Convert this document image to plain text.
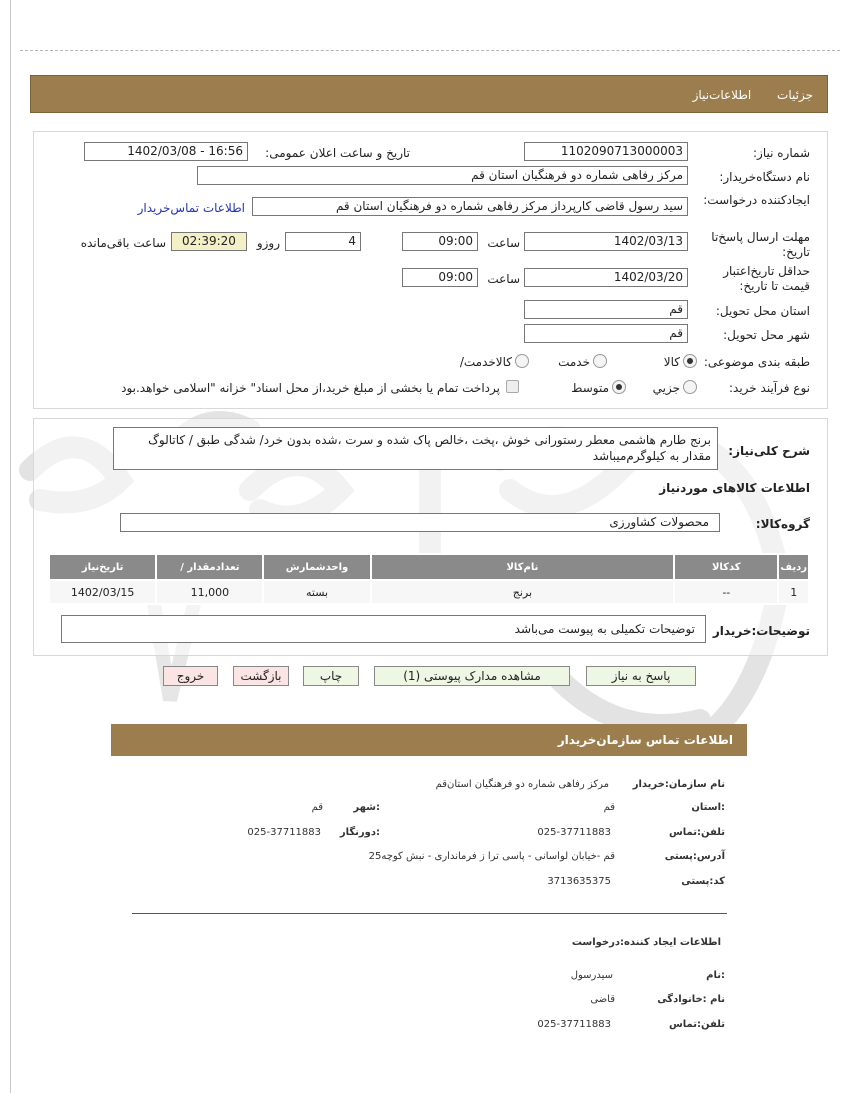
جزئیات اطلاعات‌نیاز
شماره نیاز:
1102090713000003
تاریخ و ساعت اعلان عمومی:
1402/03/08 - 16:56
نام دستگاه‌خریدار:
مرکز رفاهی شماره دو فرهنگیان استان قم
ایجادکننده درخواست:
سید رسول قاضی کارپرداز مرکز رفاهی شماره دو فرهنگیان استان قم
اطلاعات تماس‌خریدار
مهلت ارسال پاسخ‌تا تاریخ:
1402/03/13
ساعت
09:00
4
روزو
02:39:20
ساعت باقی‌مانده
حداقل تاریخ‌اعتبار قیمت تا تاریخ:
1402/03/20
ساعت
09:00
استان محل تحویل:
قم
شهر محل تحویل:
قم
طبقه بندی موضوعی:
کالا
خدمت
کالاخدمت/
نوع فرآیند خرید:
جزیي
متوسط
پرداخت تمام یا بخشی از مبلغ خرید،از محل اسناد" خزانه "اسلامی خواهد.بود
شرح کلی‌نیاز:
برنج طارم هاشمی معطر رستورانی خوش ،پخت ،خالص پاک شده و سرت ،شده بدون خرد/ شدگی طبق / کاتالوگ مقدار به کیلوگرم‌میباشد
اطلاعات کالاهای موردنیاز
گروه‌کالا:
محصولات کشاورزی
ردیف	کدکالا	نام‌کالا	واحدشمارش	تعدادمقدار /	تاریخ‌نیاز
1	--	برنج	بسته	11,000	1402/03/15
توضیحات:خریدار
توضیحات تکمیلی به پیوست می‌باشد
پاسخ به نیاز
مشاهده مدارک پیوستی (1)
چاپ
بازگشت
خروج
اطلاعات تماس سازمان‌خریدار
نام سازمان‌:خریدار
مرکز رفاهی شماره دو فرهنگیان استان‌قم
:استان
قم
:شهر
قم
تلفن:تماس
025-37711883
:دورنگار
025-37711883
آدرس‌:پستی
قم -خیابان لواسانی - پاسی ترا ز فرمانداری - نبش کوچه25
کد:پستی
3713635375
اطلاعات ایجاد کننده:درخواست
:نام
سیدرسول
نام :خانوادگی
قاضی
تلفن:تماس
025-37711883
